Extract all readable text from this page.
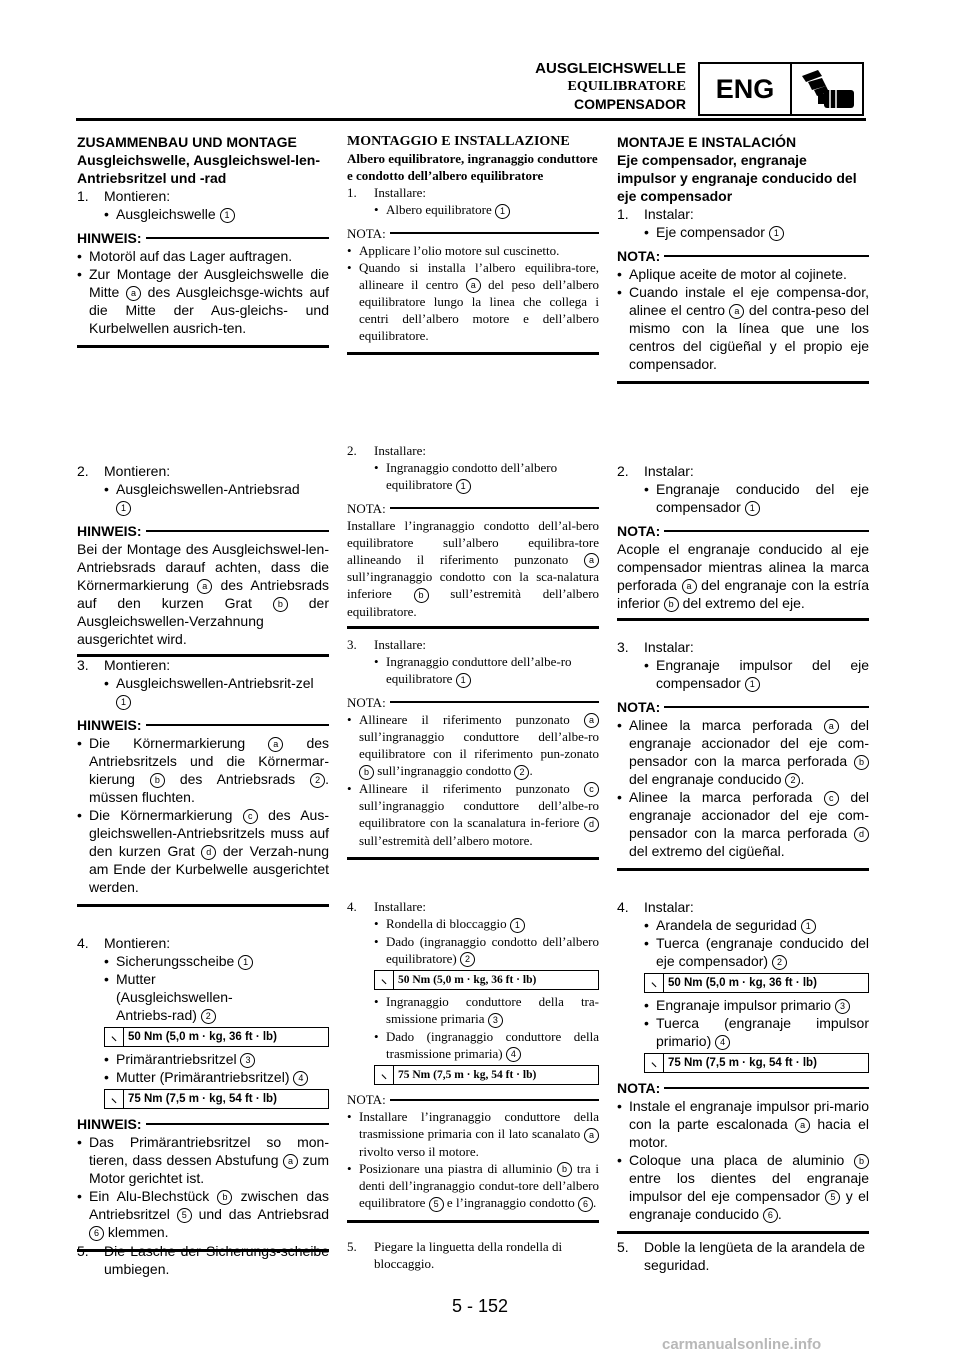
AUSGLEICHSWELLE
EQUILIBRATORE
COMPENSADOR
ENG
ZUSAMMENBAU UND MONTAGE
Ausgleichswelle, Ausgleichswel-len-Antriebsritzel und -rad
1.	Montieren:
• Ausgleichswelle 1
HINWEIS:
• Motoröl auf das Lager auftragen.
• Zur Montage der Ausgleichswelle die Mitte a des Ausgleichsge-wichts auf die Mitte der Aus-gleichs- und Kurbelwellen ausrich-ten.
2.	Montieren:
• Ausgleichswellen-Antriebsrad
1
HINWEIS:
Bei der Montage des Ausgleichswel-len-Antriebsrads darauf achten, dass die Körnermarkierung a des Antriebsrads auf den kurzen Grat	b der Ausgleichswellen-Verzahnung ausgerichtet wird.
3.	Montieren:
• Ausgleichswellen-Antriebsrit-zel 1
HINWEIS:
• Die Körnermarkierung	a des Antriebsritzels und die Körnermar-kierung b des Antriebsrads 2 . müssen fluchten.
• Die Körnermarkierung c des Aus-gleichswellen-Antriebsritzels muss auf den kurzen Grat d der Verzah-nung am Ende der Kurbelwelle ausgerichtet werden.
4.	Montieren:
• Sicherungsscheibe 1
• Mutter (Ausgleichswellen-Antriebs-rad) 2
⸜ 50 Nm (5,0 m · kg, 36 ft · lb)
• Primärantriebsritzel 3
• Mutter (Primärantriebsritzel) 4
⸜ 75 Nm (7,5 m · kg, 54 ft · lb)
HINWEIS:
• Das Primärantriebsritzel so mon-tieren, dass dessen Abstufung a zum Motor gerichtet ist.
• Ein Alu-Blechstück b zwischen das Antriebsritzel 5 und das Antriebsrad 6 klemmen.
5.	Die Lasche der Sicherungs-scheibe umbiegen.
MONTAGGIO E INSTALLAZIONE
Albero equilibratore, ingranaggio conduttore e condotto dell’albero equilibratore
1.	Installare:
• Albero equilibratore 1
NOTA:
• Applicare l’olio motore sul cuscinetto.
• Quando si installa l’albero equilibra-tore, allineare il centro a del peso dell’albero equilibratore lungo la linea che collega i centri dell’albero motore e dell’albero equilibratore.
2.	Installare:
• Ingranaggio condotto dell’albero equilibratore 1
NOTA:
Installare l’ingranaggio condotto dell’al-bero equilibratore sull’albero equilibra-tore allineando il riferimento punzonato a sull’ingranaggio condotto con la sca-nalatura inferiore	b sull’estremità dell’albero equilibratore.
3.	Installare:
• Ingranaggio conduttore dell’albe-ro equilibratore 1
NOTA:
• Allineare il riferimento punzonato a sull’ingranaggio conduttore dell’albe-ro equilibratore con il riferimento pun-zonato b sull’ingranaggio condotto 2 .
• Allineare il riferimento punzonato c sull’ingranaggio conduttore dell’albe-ro equilibratore con la scanalatura in-feriore d sull’estremità dell’albero motore.
4.	Installare:
• Rondella di bloccaggio 1
• Dado (ingranaggio condotto dell’albero equilibratore) 2
⸜ 50 Nm (5,0 m · kg, 36 ft · lb)
• Ingranaggio conduttore della tra-smissione primaria 3
• Dado (ingranaggio conduttore della trasmissione primaria) 4
⸜ 75 Nm (7,5 m · kg, 54 ft · lb)
NOTA:
• Installare l’ingranaggio conduttore della trasmissione primaria con il lato scanalato a rivolto verso il motore.
• Posizionare una piastra di alluminio b tra i denti dell’ingranaggio condut-tore dell’albero equilibratore 5 e l’ingranaggio condotto 6 .
5.	Piegare la linguetta della rondella di bloccaggio.
MONTAJE E INSTALACIÓN
Eje compensador, engranaje impulsor y engranaje conducido del eje compensador
1.	Instalar:
• Eje compensador 1
NOTA:
• Aplique aceite de motor al cojinete.
• Cuando instale el eje compensa-dor, alinee el centro a del contra-peso del mismo con la línea que une los centros del cigüeñal y el propio eje compensador.
2.	Instalar:
• Engranaje conducido del eje compensador 1
NOTA:
Acople el engranaje conducido al eje compensador mientras alinea la marca perforada a del engranaje con la estría inferior b del extremo del eje.
3.	Instalar:
• Engranaje impulsor del eje compensador 1
NOTA:
• Alinee la marca perforada a del engranaje accionador del eje com-pensador con la marca perforada b del engranaje conducido 2 .
• Alinee la marca perforada c del engranaje accionador del eje com-pensador con la marca perforada d del extremo del cigüeñal.
4.	Instalar:
• Arandela de seguridad 1
• Tuerca (engranaje conducido del eje compensador) 2
⸜ 50 Nm (5,0 m · kg, 36 ft · lb)
• Engranaje impulsor primario 3
• Tuerca (engranaje impulsor primario) 4
⸜ 75 Nm (7,5 m · kg, 54 ft · lb)
NOTA:
• Instale el engranaje impulsor pri-mario con la parte escalonada a hacia el motor.
• Coloque una placa de aluminio b entre los dientes del engranaje impulsor del eje compensador 5 y el engranaje conducido 6 .
5.	Doble la lengüeta de la arandela de seguridad.
5 - 152
carmanualsonline.info
